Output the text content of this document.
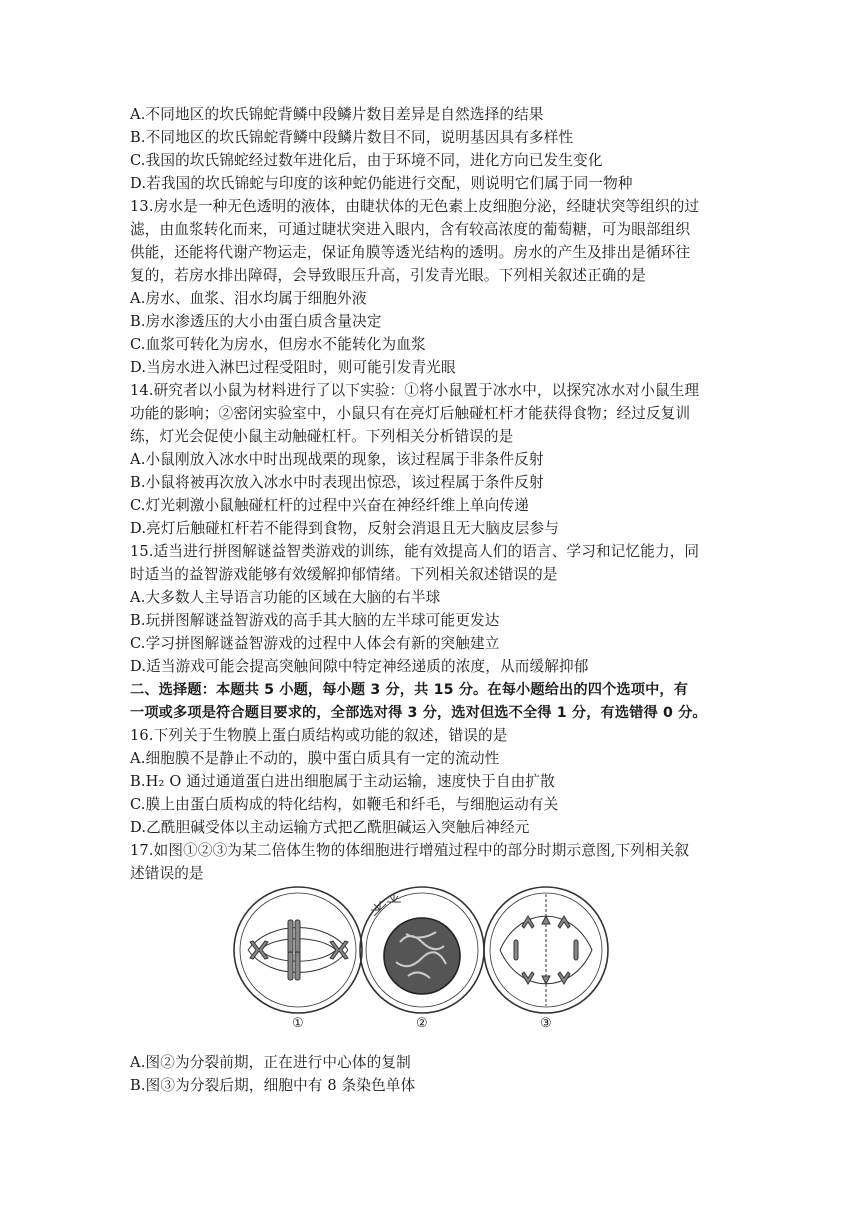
A.不同地区的坎氏锦蛇背鳞中段鳞片数目差异是自然选择的结果
B.不同地区的坎氏锦蛇背鳞中段鳞片数目不同，说明基因具有多样性
C.我国的坎氏锦蛇经过数年进化后，由于环境不同，进化方向已发生变化
D.若我国的坎氏锦蛇与印度的该种蛇仍能进行交配，则说明它们属于同一物种
13.房水是一种无色透明的液体，由睫状体的无色素上皮细胞分泌，经睫状突等组织的过
滤，由血浆转化而来，可通过睫状突进入眼内，含有较高浓度的葡萄糖，可为眼部组织
供能，还能将代谢产物运走，保证角膜等透光结构的透明。房水的产生及排出是循环往
复的，若房水排出障碍，会导致眼压升高，引发青光眼。下列相关叙述正确的是
A.房水、血浆、泪水均属于细胞外液
B.房水渗透压的大小由蛋白质含量决定
C.血浆可转化为房水，但房水不能转化为血浆
D.当房水进入淋巴过程受阻时，则可能引发青光眼
14.研究者以小鼠为材料进行了以下实验：①将小鼠置于冰水中，以探究冰水对小鼠生理
功能的影响；②密闭实验室中，小鼠只有在亮灯后触碰杠杆才能获得食物；经过反复训
练，灯光会促使小鼠主动触碰杠杆。下列相关分析错误的是
A.小鼠刚放入冰水中时出现战栗的现象，该过程属于非条件反射
B.小鼠将被再次放入冰水中时表现出惊恐，该过程属于条件反射
C.灯光刺激小鼠触碰杠杆的过程中兴奋在神经纤维上单向传递
D.亮灯后触碰杠杆若不能得到食物，反射会消退且无大脑皮层参与
15.适当进行拼图解谜益智类游戏的训练，能有效提高人们的语言、学习和记忆能力，同
时适当的益智游戏能够有效缓解抑郁情绪。下列相关叙述错误的是
A.大多数人主导语言功能的区域在大脑的右半球
B.玩拼图解谜益智游戏的高手其大脑的左半球可能更发达
C.学习拼图解谜益智游戏的过程中人体会有新的突触建立
D.适当游戏可能会提高突触间隙中特定神经递质的浓度，从而缓解抑郁
二、选择题：本题共 5 小题，每小题 3 分，共 15 分。在每小题给出的四个选项中，有
一项或多项是符合题目要求的，全部选对得 3 分，选对但选不全得 1 分，有选错得 0 分。
16.下列关于生物膜上蛋白质结构或功能的叙述，错误的是
A.细胞膜不是静止不动的，膜中蛋白质具有一定的流动性
B.H₂ O 通过通道蛋白进出细胞属于主动运输，速度快于自由扩散
C.膜上由蛋白质构成的特化结构，如鞭毛和纤毛，与细胞运动有关
D.乙酰胆碱受体以主动运输方式把乙酰胆碱运入突触后神经元
17.如图①②③为某二倍体生物的体细胞进行增殖过程中的部分时期示意图,下列相关叙
述错误的是
①	②	③
A.图②为分裂前期，正在进行中心体的复制
B.图③为分裂后期，细胞中有 8 条染色单体
